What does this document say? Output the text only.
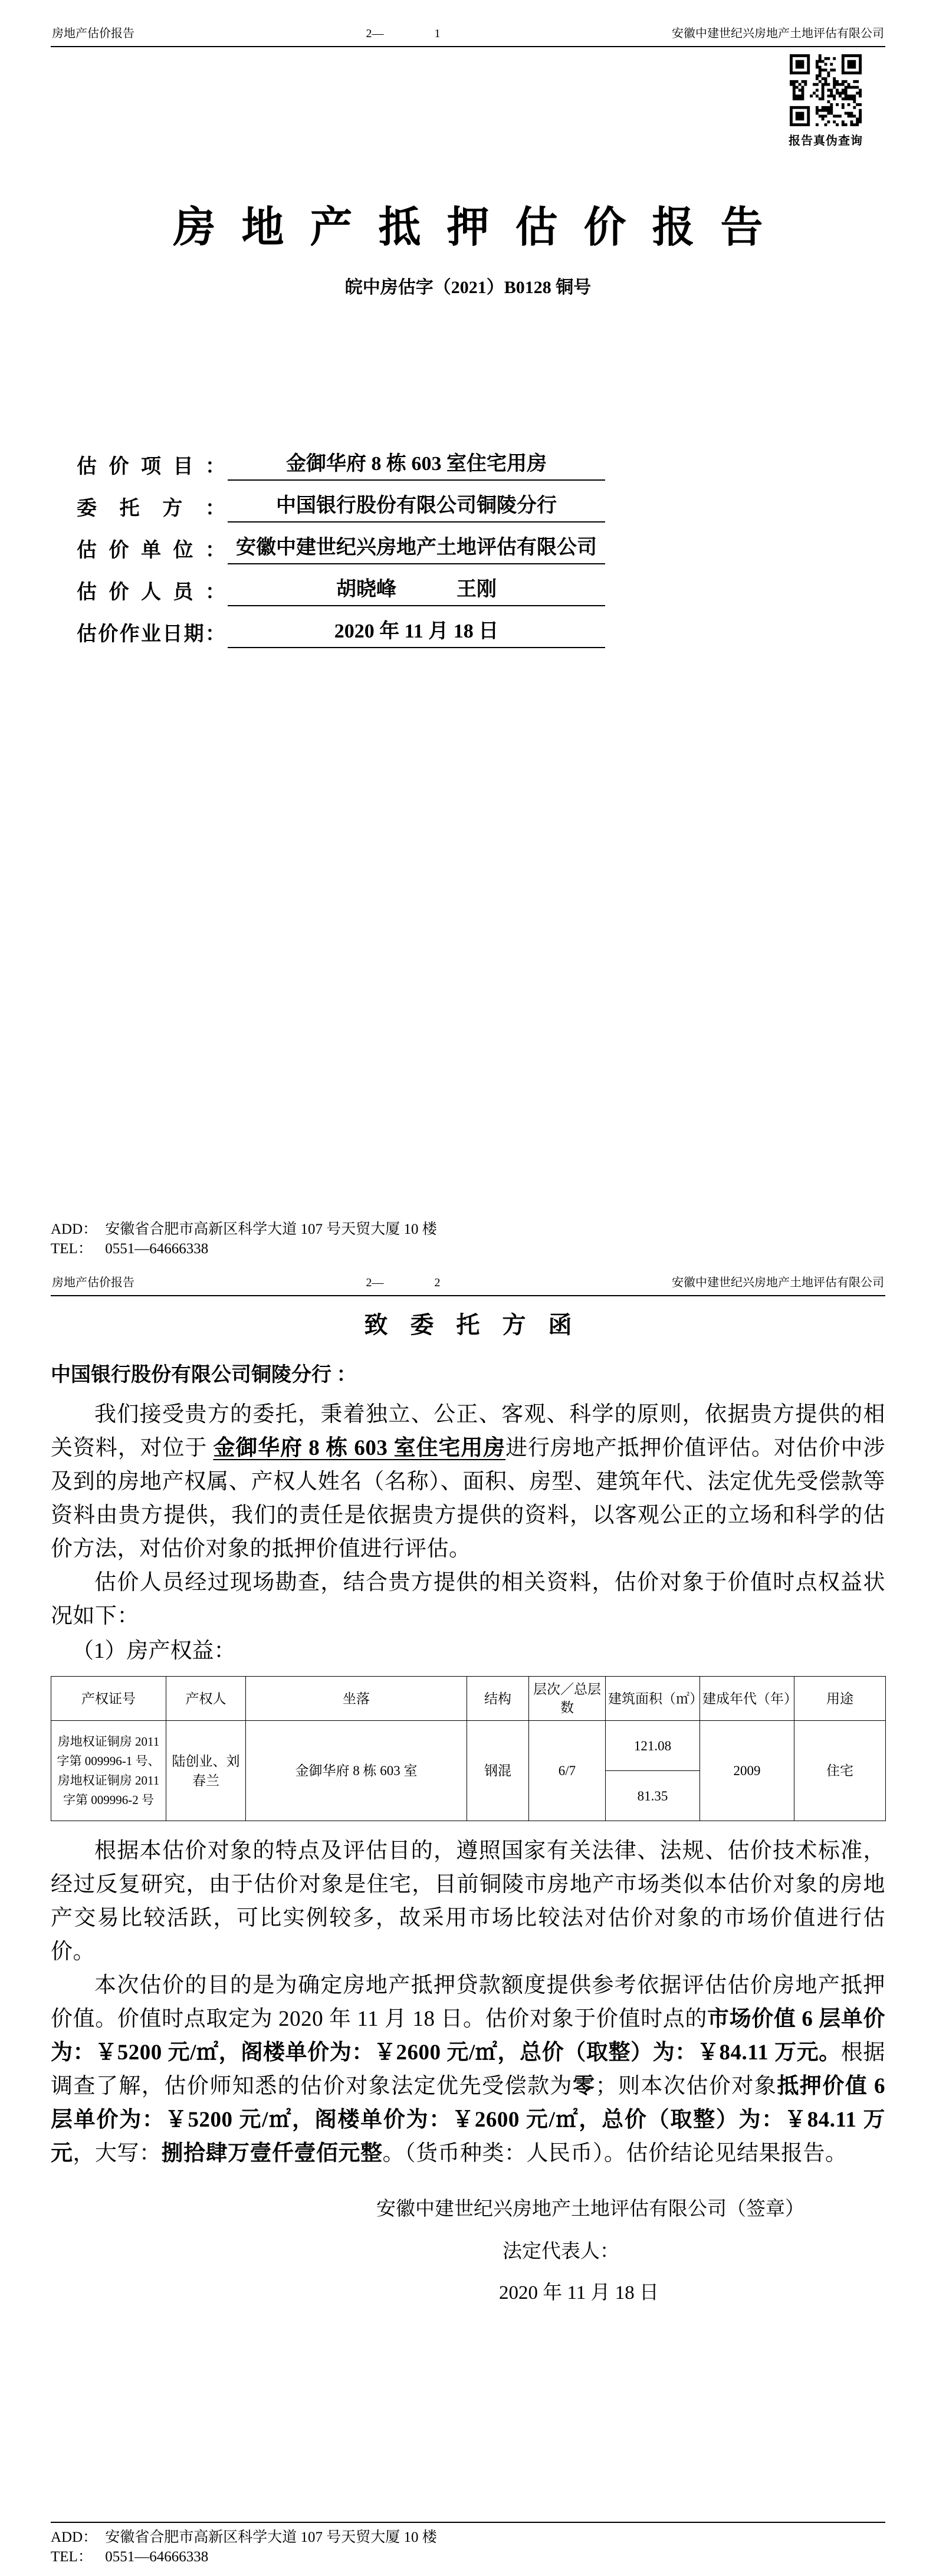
房地产估价报告	2—	1	安徽中建世纪兴房地产土地评估有限公司
报告真伪查询
房地产抵押估价报告
皖中房估字（2021）B0128 铜号
估价项目：	金御华府 8 栋 603 室住宅用房
委托方：	中国银行股份有限公司铜陵分行
估价单位： 安徽中建世纪兴房地产土地评估有限公司
估价人员：	胡晓峰　　　王刚
估价作业日期：	2020 年 11 月 18 日
ADD： 安徽省合肥市高新区科学大道 107 号天贸大厦 10 楼
TEL： 0551—64666338
房地产估价报告	2—	2	安徽中建世纪兴房地产土地评估有限公司
致委托方函
中国银行股份有限公司铜陵分行 ：

我们接受贵方的委托，秉着独立、公正、客观、科学的原则，依据贵方提供的相关资料，对位于 金御华府 8 栋 603 室住宅用房进行房地产抵押价值评估。对估价中涉及到的房地产权属、产权人姓名（名称）、面积、房型、建筑年代、法定优先受偿款等资料由贵方提供，我们的责任是依据贵方提供的资料，以客观公正的立场和科学的估价方法，对估价对象的抵押价值进行评估。

估价人员经过现场勘查，结合贵方提供的相关资料，估价对象于价值时点权益状况如下：

（1）房产权益：
产权证号	产权人	坐落	结构	层次／总层数	建筑面积（㎡）	建成年代（年）	用途
房地权证铜房 2011 字第 009996-1 号、房地权证铜房 2011 字第 009996-2 号	陆创业、刘春兰	金御华府 8 栋 603 室	钢混	6/7	121.08	2009	住宅
					81.35		

根据本估价对象的特点及评估目的，遵照国家有关法律、法规、估价技术标准，经过反复研究，由于估价对象是住宅，目前铜陵市房地产市场类似本估价对象的房地产交易比较活跃，可比实例较多，故采用市场比较法对估价对象的市场价值进行估价。

本次估价的目的是为确定房地产抵押贷款额度提供参考依据评估估价房地产抵押价值。价值时点取定为 2020 年 11 月 18 日。估价对象于价值时点的市场价值 6 层单价为：￥5200 元/㎡，阁楼单价为：￥2600 元/㎡，总价（取整）为：￥84.11 万元。根据调查了解，估价师知悉的估价对象法定优先受偿款为零；则本次估价对象抵押价值 6 层单价为：￥5200 元/㎡，阁楼单价为：￥2600 元/㎡，总价（取整）为：￥84.11 万元，大写：捌拾肆万壹仟壹佰元整。（货币种类：人民币）。估价结论见结果报告。

安徽中建世纪兴房地产土地评估有限公司（签章）
法定代表人：
2020 年 11 月 18 日
ADD： 安徽省合肥市高新区科学大道 107 号天贸大厦 10 楼
TEL： 0551—64666338
